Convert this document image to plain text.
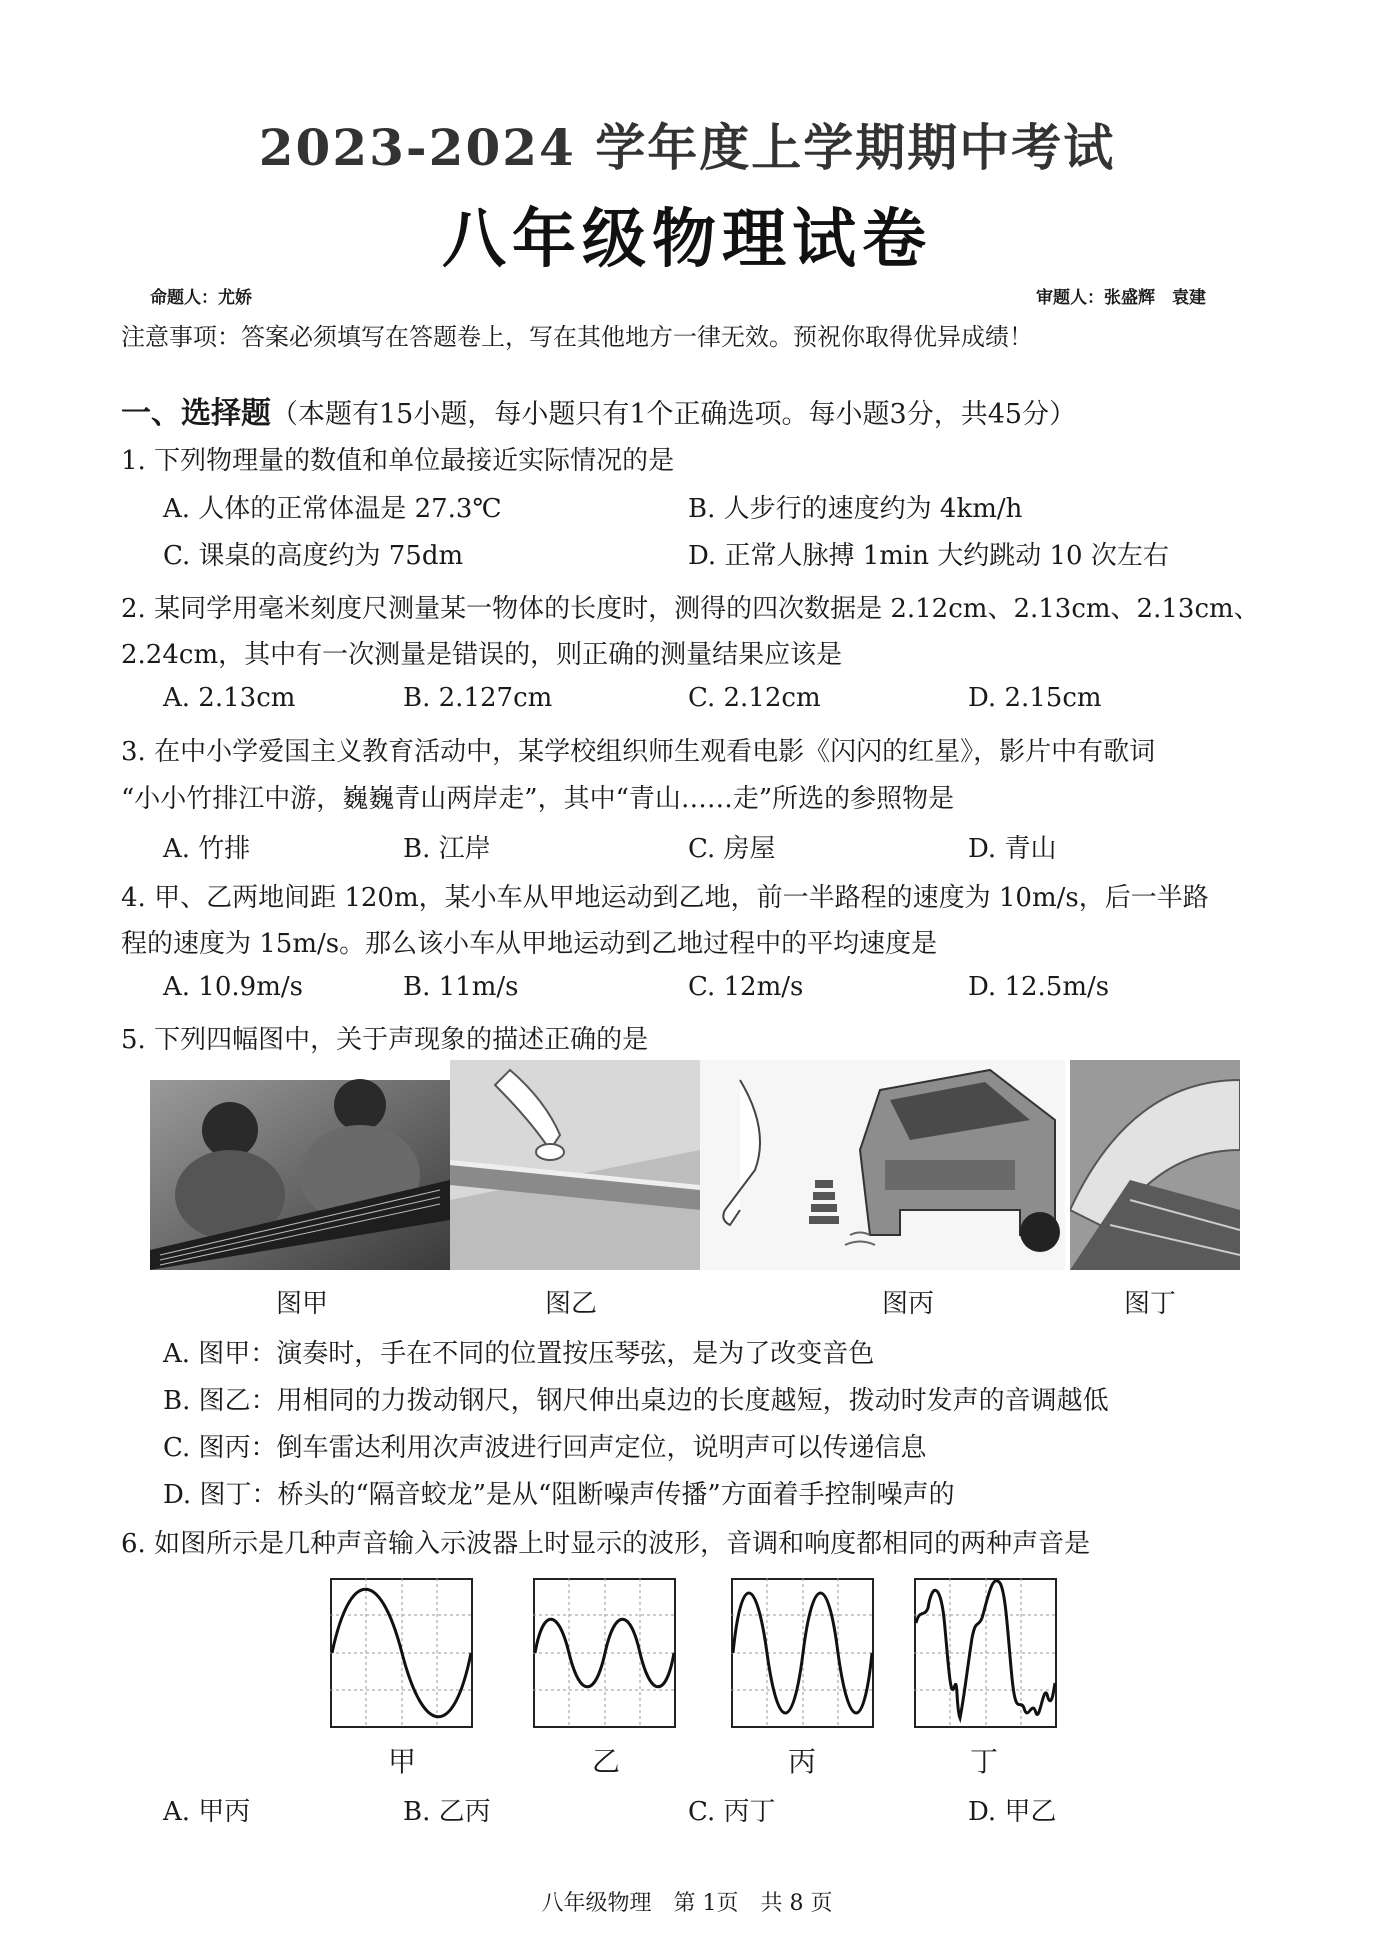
2023-2024 学年度上学期期中考试
八年级物理试卷
命题人：尤娇	审题人：张盛辉　袁建
注意事项：答案必须填写在答题卷上，写在其他地方一律无效。预祝你取得优异成绩！
一、选择题（本题有15小题，每小题只有1个正确选项。每小题3分，共45分）
1. 下列物理量的数值和单位最接近实际情况的是
A. 人体的正常体温是 27.3℃	B. 人步行的速度约为 4km/h
C. 课桌的高度约为 75dm	D. 正常人脉搏 1min 大约跳动 10 次左右
2. 某同学用毫米刻度尺测量某一物体的长度时，测得的四次数据是 2.12cm、2.13cm、2.13cm、
2.24cm，其中有一次测量是错误的，则正确的测量结果应该是
A. 2.13cm	B. 2.127cm	C. 2.12cm	D. 2.15cm
3. 在中小学爱国主义教育活动中，某学校组织师生观看电影《闪闪的红星》，影片中有歌词
“小小竹排江中游，巍巍青山两岸走”，其中“青山……走”所选的参照物是
A. 竹排	B. 江岸	C. 房屋	D. 青山
4. 甲、乙两地间距 120m，某小车从甲地运动到乙地，前一半路程的速度为 10m/s，后一半路
程的速度为 15m/s。那么该小车从甲地运动到乙地过程中的平均速度是
A. 10.9m/s	B. 11m/s	C. 12m/s	D. 12.5m/s
5. 下列四幅图中，关于声现象的描述正确的是
图甲	图乙	图丙	图丁
A. 图甲：演奏时，手在不同的位置按压琴弦，是为了改变音色
B. 图乙：用相同的力拨动钢尺，钢尺伸出桌边的长度越短，拨动时发声的音调越低
C. 图丙：倒车雷达利用次声波进行回声定位，说明声可以传递信息
D. 图丁：桥头的“隔音蛟龙”是从“阻断噪声传播”方面着手控制噪声的
6. 如图所示是几种声音输入示波器上时显示的波形，音调和响度都相同的两种声音是
甲	乙	丙	丁
A. 甲丙	B. 乙丙	C. 丙丁	D. 甲乙
八年级物理　第 1页　共 8 页
